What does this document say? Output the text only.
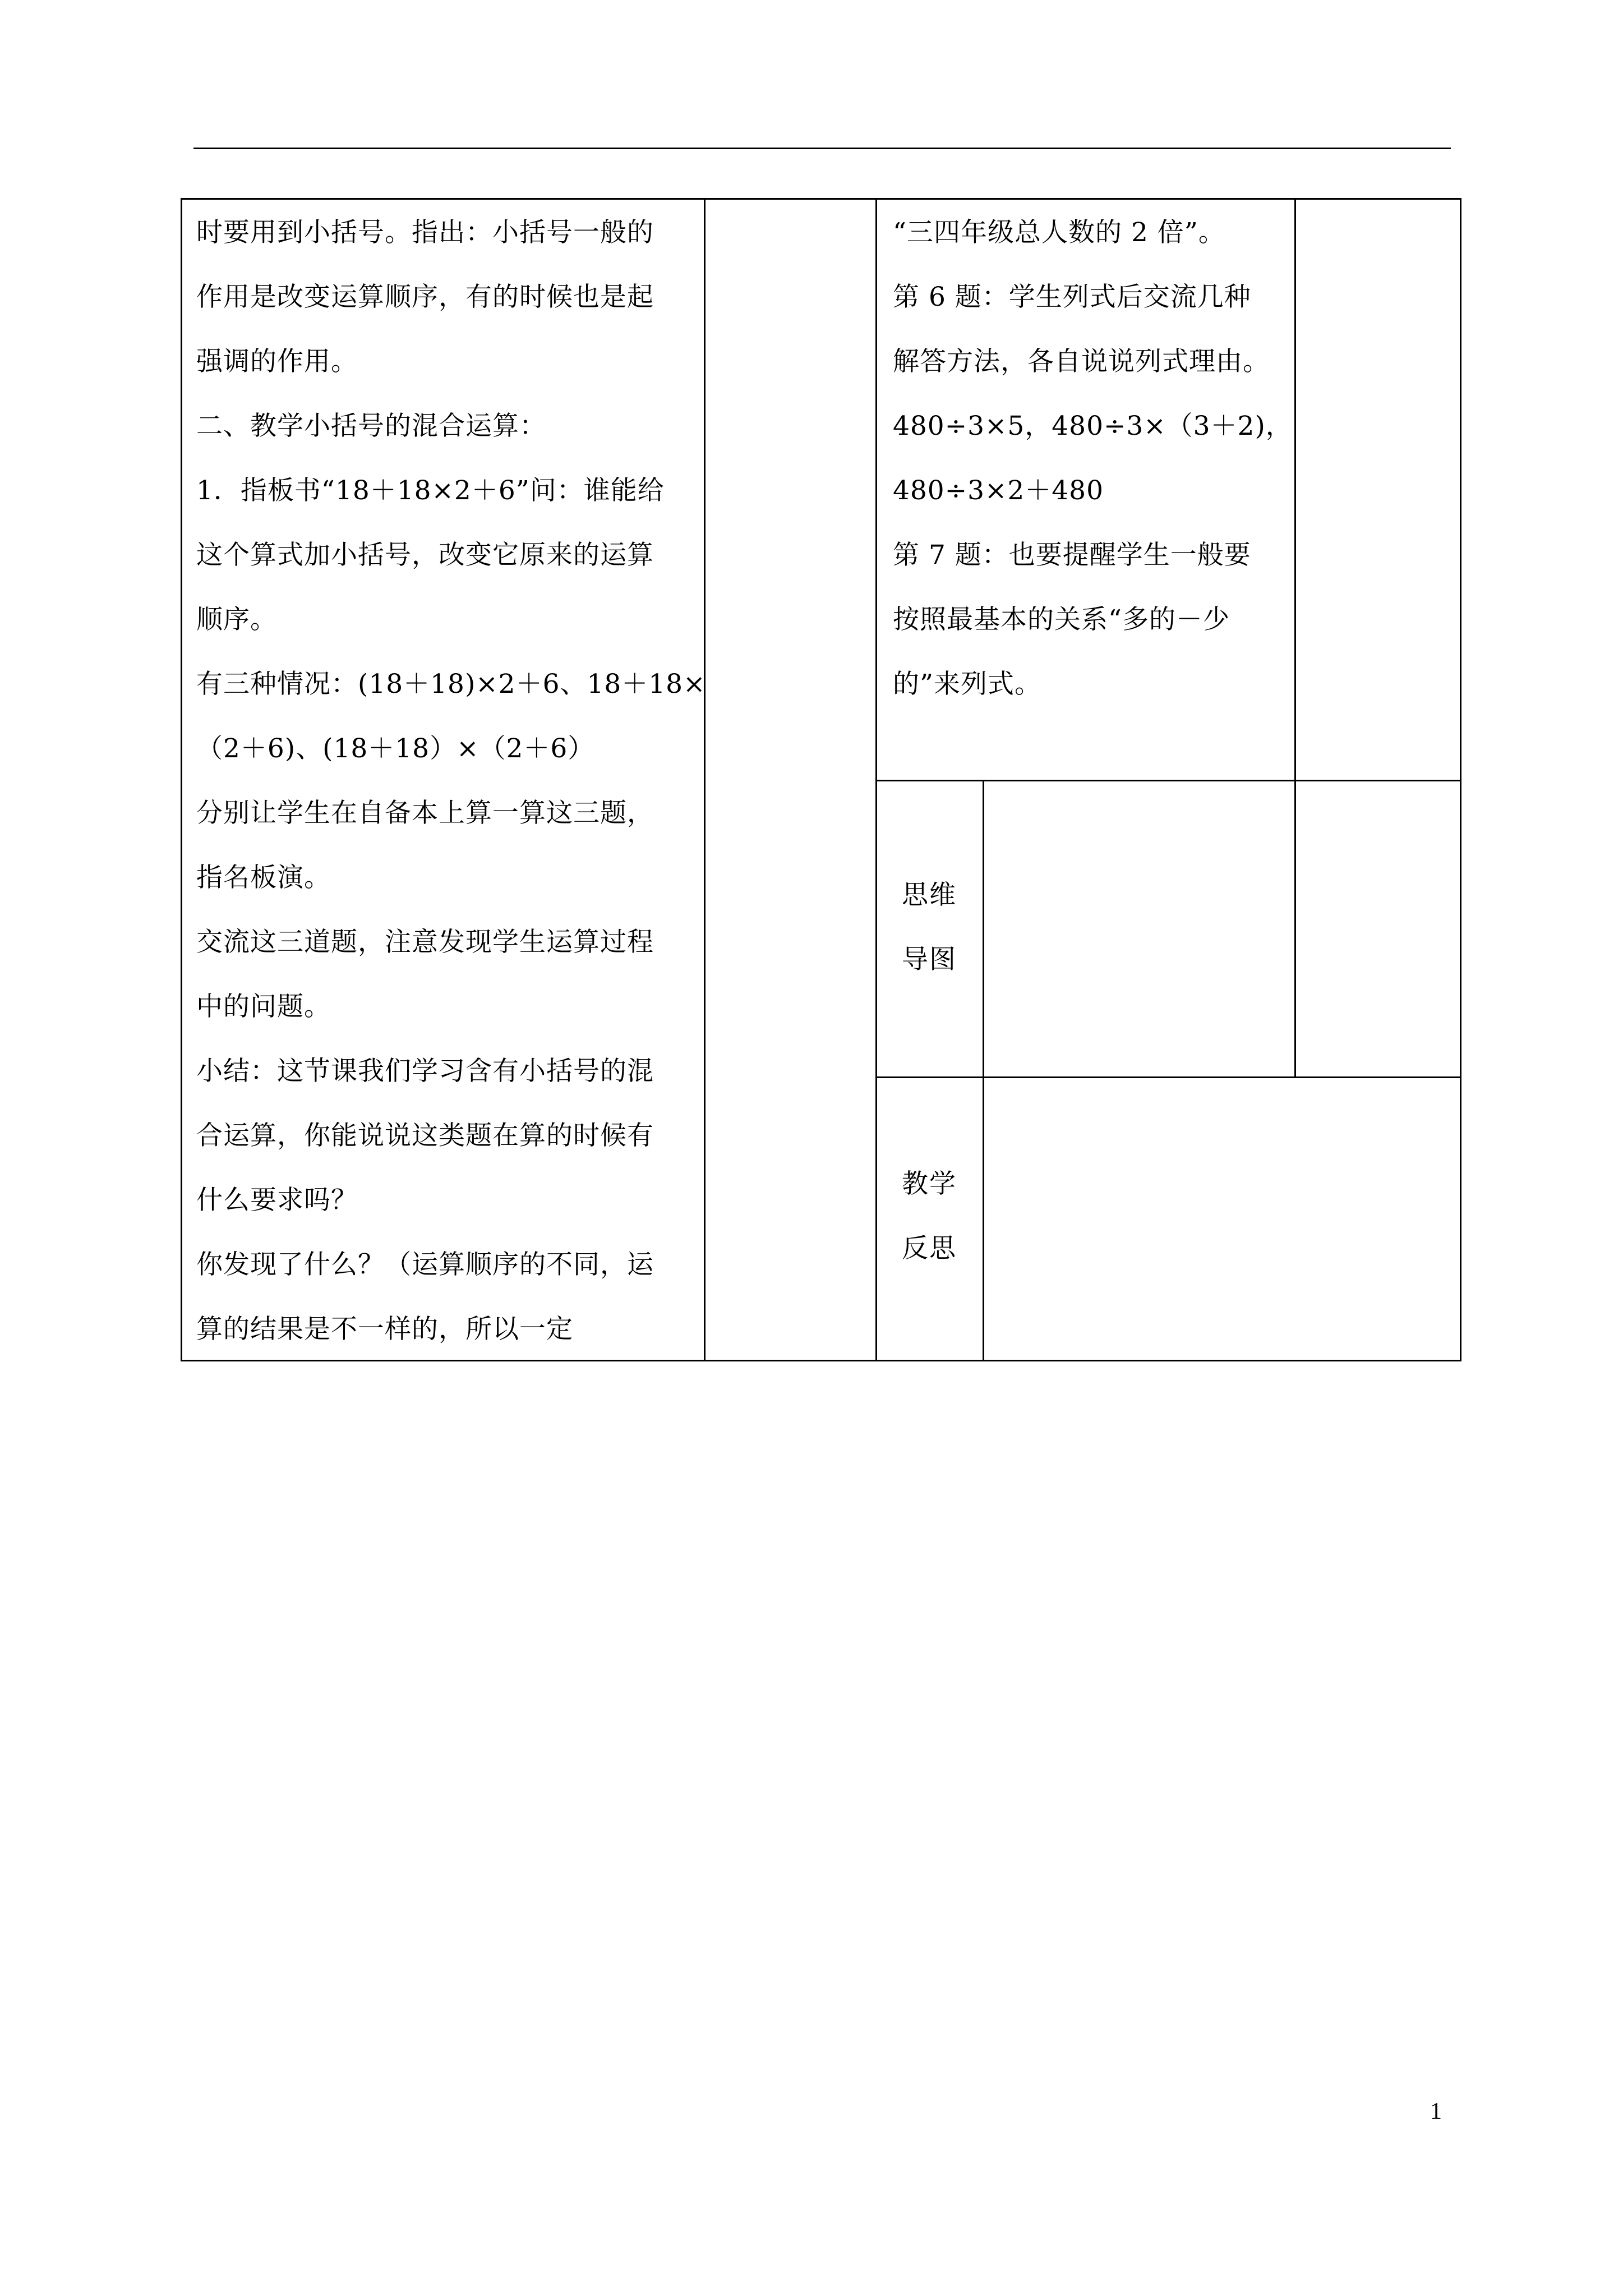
时要用到小括号。指出：小括号一般的
作用是改变运算顺序，有的时候也是起
强调的作用。
二、教学小括号的混合运算：
1．指板书“18＋18×2＋6”问：谁能给
这个算式加小括号，改变它原来的运算
顺序。
有三种情况：(18＋18)×2＋6、18＋18×
（2＋6)、(18＋18）×（2＋6）
分别让学生在自备本上算一算这三题，
指名板演。
交流这三道题，注意发现学生运算过程
中的问题。
小结：这节课我们学习含有小括号的混
合运算，你能说说这类题在算的时候有
什么要求吗？
你发现了什么？（运算顺序的不同，运
算的结果是不一样的，所以一定
“三四年级总人数的 2 倍”。
第 6 题：学生列式后交流几种
解答方法，各自说说列式理由。
480÷3×5，480÷3×（3＋2)，
480÷3×2＋480
第 7 题：也要提醒学生一般要
按照最基本的关系“多的－少
的”来列式。
思维
导图
教学
反思
1
